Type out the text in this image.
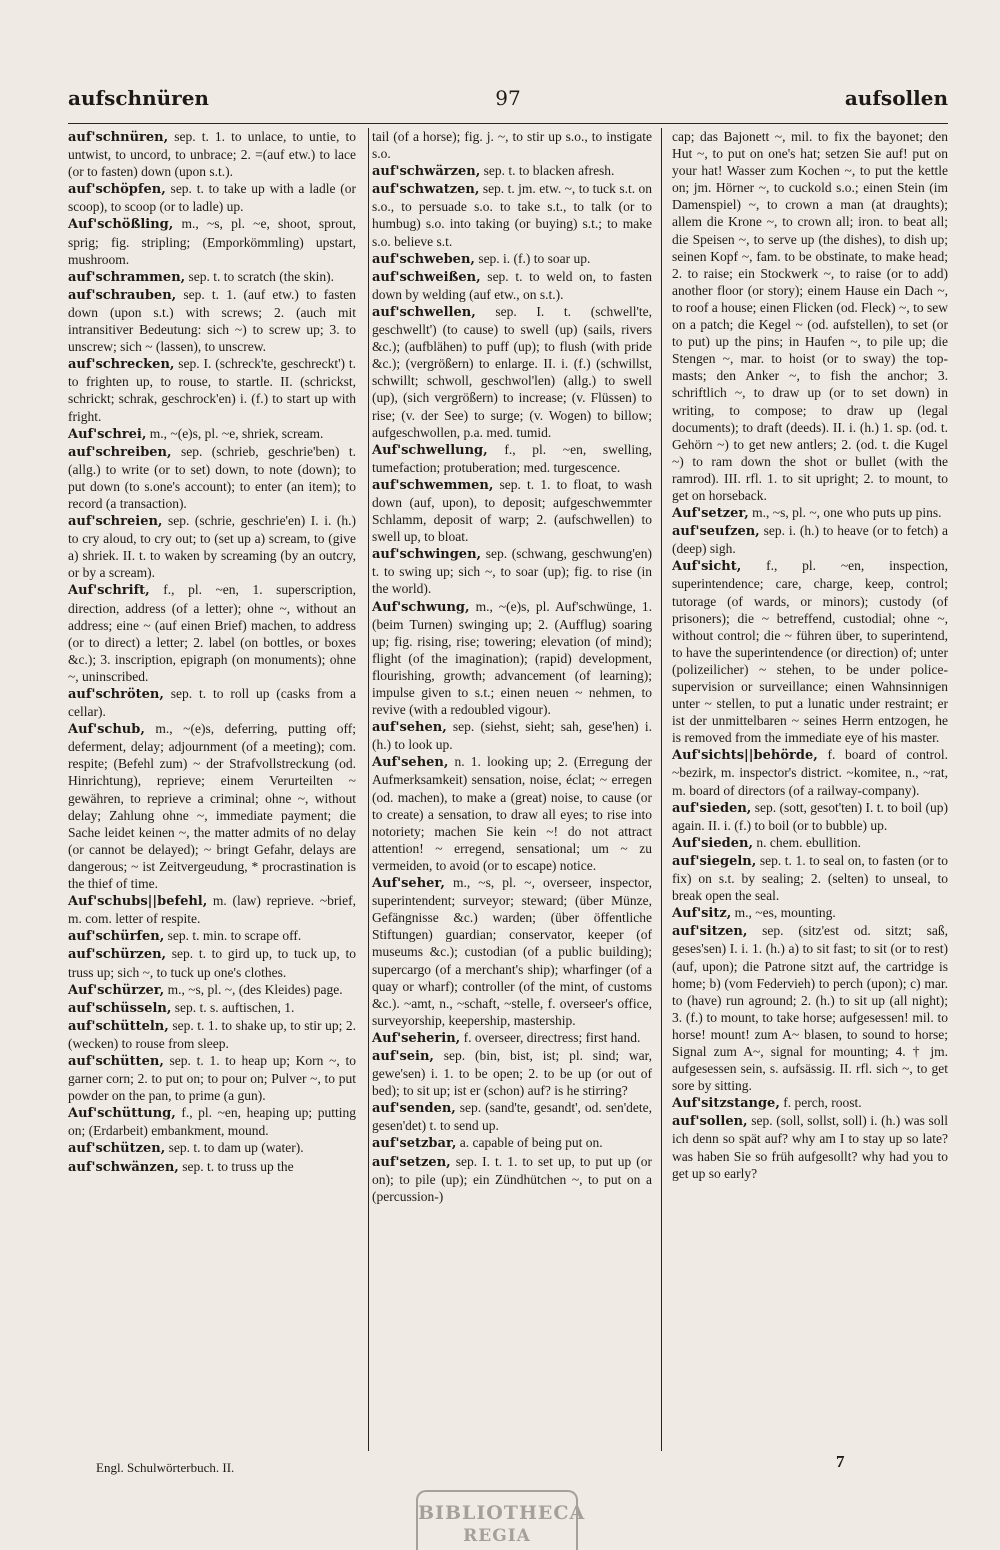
aufschnüren	97	aufsollen

auf'schnüren, sep. t. 1. to unlace, to untie, to untwist, to uncord, to unbrace; 2. =(auf etw.) to lace (or to fasten) down (upon s.t.).

auf'schöpfen, sep. t. to take up with a ladle (or scoop), to scoop (or to ladle) up.

Auf'schößling, m., ~s, pl. ~e, shoot, sprout, sprig; fig. stripling; (Emporkömmling) upstart, mushroom.

auf'schrammen, sep. t. to scratch (the skin).

auf'schrauben, sep. t. 1. (auf etw.) to fasten down (upon s.t.) with screws; 2. (auch mit intransitiver Bedeutung: sich ~) to screw up; 3. to unscrew; sich ~ (lassen), to unscrew.

auf'schrecken, sep. I. (schreck'te, geschreckt') t. to frighten up, to rouse, to startle. II. (schrickst, schrickt; schrak, geschrock'en) i. (f.) to start up with fright.

Auf'schrei, m., ~(e)s, pl. ~e, shriek, scream.

auf'schreiben, sep. (schrieb, geschrie'ben) t. (allg.) to write (or to set) down, to note (down); to put down (to s.one's account); to enter (an item); to record (a transaction).

auf'schreien, sep. (schrie, geschrie'en) I. i. (h.) to cry aloud, to cry out; to (set up a) scream, to (give a) shriek. II. t. to waken by screaming (by an outcry, or by a scream).

Auf'schrift, f., pl. ~en, 1. superscription, direction, address (of a letter); ohne ~, without an address; eine ~ (auf einen Brief) machen, to address (or to direct) a letter; 2. label (on bottles, or boxes &c.); 3. inscription, epigraph (on monuments); ohne ~, uninscribed.

auf'schröten, sep. t. to roll up (casks from a cellar).

Auf'schub, m., ~(e)s, deferring, putting off; deferment, delay; adjournment (of a meeting); com. respite; (Befehl zum) ~ der Strafvollstreckung (od. Hinrichtung), reprieve; einem Verurteilten ~ gewähren, to reprieve a criminal; ohne ~, without delay; Zahlung ohne ~, immediate payment; die Sache leidet keinen ~, the matter admits of no delay (or cannot be delayed); ~ bringt Gefahr, delays are dangerous; ~ ist Zeitvergeudung, * procrastination is the thief of time.

Auf'schubs||befehl, m. (law) reprieve. ~brief, m. com. letter of respite.

auf'schürfen, sep. t. min. to scrape off.

auf'schürzen, sep. t. to gird up, to tuck up, to truss up; sich ~, to tuck up one's clothes.

Auf'schürzer, m., ~s, pl. ~, (des Kleides) page.

auf'schüsseln, sep. t. s. auftischen, 1.

auf'schütteln, sep. t. 1. to shake up, to stir up; 2. (wecken) to rouse from sleep.

auf'schütten, sep. t. 1. to heap up; Korn ~, to garner corn; 2. to put on; to pour on; Pulver ~, to put powder on the pan, to prime (a gun).

Auf'schüttung, f., pl. ~en, heaping up; putting on; (Erdarbeit) embankment, mound.

auf'schützen, sep. t. to dam up (water).

auf'schwänzen, sep. t. to truss up the

tail (of a horse); fig. j. ~, to stir up s.o., to instigate s.o.

auf'schwärzen, sep. t. to blacken afresh.

auf'schwatzen, sep. t. jm. etw. ~, to tuck s.t. on s.o., to persuade s.o. to take s.t., to talk (or to humbug) s.o. into taking (or buying) s.t.; to make s.o. believe s.t.

auf'schweben, sep. i. (f.) to soar up.

auf'schweißen, sep. t. to weld on, to fasten down by welding (auf etw., on s.t.).

auf'schwellen, sep. I. t. (schwell'te, geschwellt') (to cause) to swell (up) (sails, rivers &c.); (aufblähen) to puff (up); to flush (with pride &c.); (vergrößern) to enlarge. II. i. (f.) (schwillst, schwillt; schwoll, geschwol'len) (allg.) to swell (up), (sich vergrößern) to increase; (v. Flüssen) to rise; (v. der See) to surge; (v. Wogen) to billow; aufgeschwollen, p.a. med. tumid.

Auf'schwellung, f., pl. ~en, swelling, tumefaction; protuberation; med. turgescence.

auf'schwemmen, sep. t. 1. to float, to wash down (auf, upon), to deposit; aufgeschwemmter Schlamm, deposit of warp; 2. (aufschwellen) to swell up, to bloat.

auf'schwingen, sep. (schwang, geschwung'en) t. to swing up; sich ~, to soar (up); fig. to rise (in the world).

Auf'schwung, m., ~(e)s, pl. Auf'schwünge, 1. (beim Turnen) swinging up; 2. (Aufflug) soaring up; fig. rising, rise; towering; elevation (of mind); flight (of the imagination); (rapid) development, flourishing, growth; advancement (of learning); impulse given to s.t.; einen neuen ~ nehmen, to revive (with a redoubled vigour).

auf'sehen, sep. (siehst, sieht; sah, gese'hen) i. (h.) to look up.

Auf'sehen, n. 1. looking up; 2. (Erregung der Aufmerksamkeit) sensation, noise, éclat; ~ erregen (od. machen), to make a (great) noise, to cause (or to create) a sensation, to draw all eyes; to rise into notoriety; machen Sie kein ~! do not attract attention! ~ erregend, sensational; um ~ zu vermeiden, to avoid (or to escape) notice.

Auf'seher, m., ~s, pl. ~, overseer, inspector, superintendent; surveyor; steward; (über Münze, Gefängnisse &c.) warden; (über öffentliche Stiftungen) guardian; conservator, keeper (of museums &c.); custodian (of a public building); supercargo (of a merchant's ship); wharfinger (of a quay or wharf); controller (of the mint, of customs &c.). ~amt, n., ~schaft, ~stelle, f. overseer's office, surveyorship, keepership, mastership.

Auf'seherin, f. overseer, directress; first hand.

auf'sein, sep. (bin, bist, ist; pl. sind; war, gewe'sen) i. 1. to be open; 2. to be up (or out of bed); to sit up; ist er (schon) auf? is he stirring?

auf'senden, sep. (sand'te, gesandt', od. sen'dete, gesen'det) t. to send up.

auf'setzbar, a. capable of being put on.

auf'setzen, sep. I. t. 1. to set up, to put up (or on); to pile (up); ein Zündhütchen ~, to put on a (percussion-)

cap; das Bajonett ~, mil. to fix the bayonet; den Hut ~, to put on one's hat; setzen Sie auf! put on your hat! Wasser zum Kochen ~, to put the kettle on; jm. Hörner ~, to cuckold s.o.; einen Stein (im Damenspiel) ~, to crown a man (at draughts); allem die Krone ~, to crown all; iron. to beat all; die Speisen ~, to serve up (the dishes), to dish up; seinen Kopf ~, fam. to be obstinate, to make head; 2. to raise; ein Stockwerk ~, to raise (or to add) another floor (or story); einem Hause ein Dach ~, to roof a house; einen Flicken (od. Fleck) ~, to sew on a patch; die Kegel ~ (od. aufstellen), to set (or to put) up the pins; in Haufen ~, to pile up; die Stengen ~, mar. to hoist (or to sway) the top-masts; den Anker ~, to fish the anchor; 3. schriftlich ~, to draw up (or to set down) in writing, to compose; to draw up (legal documents); to draft (deeds). II. i. (h.) 1. sp. (od. t. Gehörn ~) to get new antlers; 2. (od. t. die Kugel ~) to ram down the shot or bullet (with the ramrod). III. rfl. 1. to sit upright; 2. to mount, to get on horseback.

Auf'setzer, m., ~s, pl. ~, one who puts up pins.

auf'seufzen, sep. i. (h.) to heave (or to fetch) a (deep) sigh.

Auf'sicht, f., pl. ~en, inspection, superintendence; care, charge, keep, control; tutorage (of wards, or minors); custody (of prisoners); die ~ betreffend, custodial; ohne ~, without control; die ~ führen über, to superintend, to have the superintendence (or direction) of; unter (polizeilicher) ~ stehen, to be under police-supervision or surveillance; einen Wahnsinnigen unter ~ stellen, to put a lunatic under restraint; er ist der unmittelbaren ~ seines Herrn entzogen, he is removed from the immediate eye of his master.

Auf'sichts||behörde, f. board of control. ~bezirk, m. inspector's district. ~komitee, n., ~rat, m. board of directors (of a railway-company).

auf'sieden, sep. (sott, gesot'ten) I. t. to boil (up) again. II. i. (f.) to boil (or to bubble) up.

Auf'sieden, n. chem. ebullition.

auf'siegeln, sep. t. 1. to seal on, to fasten (or to fix) on s.t. by sealing; 2. (selten) to unseal, to break open the seal.

Auf'sitz, m., ~es, mounting.

auf'sitzen, sep. (sitz'est od. sitzt; saß, geses'sen) I. i. 1. (h.) a) to sit fast; to sit (or to rest) (auf, upon); die Patrone sitzt auf, the cartridge is home; b) (vom Federvieh) to perch (upon); c) mar. to (have) run aground; 2. (h.) to sit up (all night); 3. (f.) to mount, to take horse; aufgesessen! mil. to horse! mount! zum A~ blasen, to sound to horse; Signal zum A~, signal for mounting; 4. † jm. aufgesessen sein, s. aufsässig. II. rfl. sich ~, to get sore by sitting.

Auf'sitzstange, f. perch, roost.

auf'sollen, sep. (soll, sollst, soll) i. (h.) was soll ich denn so spät auf? why am I to stay up so late? was haben Sie so früh aufgesollt? why had you to get up so early?

Engl. Schulwörterbuch. II.	7
BIBLIOTHECA
REGIA
